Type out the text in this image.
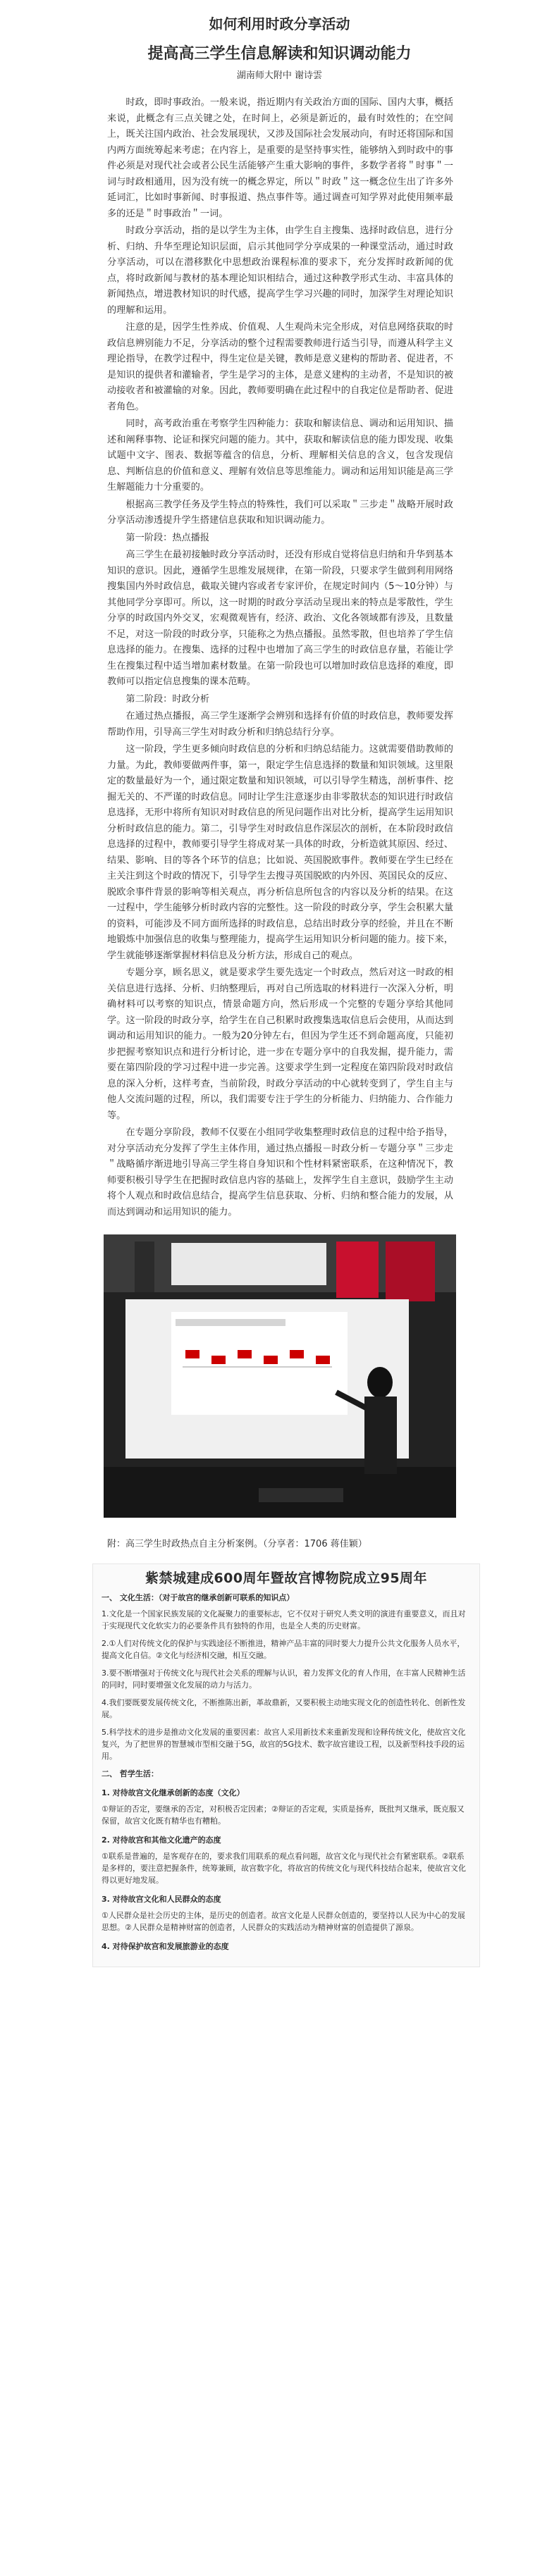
如何利用时政分享活动
提高高三学生信息解读和知识调动能力
湖南师大附中 谢诗雲

时政，即时事政治。一般来说，指近期内有关政治方面的国际、国内大事，概括来说，此概念有三点关键之处，在时间上，必须是新近的，最有时效性的；在空间上，既关注国内政治、社会发展现状，又涉及国际社会发展动向，有时还将国际和国内两方面统筹起来考虑；在内容上，是重要的是坚持事实性，能够纳入到时政中的事件必须是对现代社会或者公民生活能够产生重大影响的事件，多数学者将＂时事＂一词与时政相通用，因为没有统一的概念界定，所以＂时政＂这一概念位生出了许多外延词汇，比如时事新闻、时事报道、热点事件等。通过调查可知学界对此使用频率最多的还是＂时事政治＂一词。

时政分享活动，指的是以学生为主体，由学生自主搜集、选择时政信息，进行分析、归纳、升华至理论知识层面，启示其他同学分享成果的一种课堂活动，通过时政分享活动，可以在潜移默化中思想政治课程标准的要求下，充分发挥时政新闻的优点，将时政新闻与教材的基本理论知识相结合，通过这种教学形式生动、丰富具体的新闻热点，增进教材知识的时代感，提高学生学习兴趣的同时，加深学生对理论知识的理解和运用。

注意的是，因学生性养成、价值观、人生观尚未完全形成，对信息网络获取的时政信息辨别能力不足，分享活动的整个过程需要教师进行适当引导，而遵从科学主义理论指导，在教学过程中，得生定位是关键，教师是意义建构的帮助者、促进者，不是知识的提供者和灌输者，学生是学习的主体，是意义建构的主动者，不是知识的被动接收者和被灌输的对象。因此，教师要明确在此过程中的自我定位是帮助者、促进者角色。

同时，高考政治重在考察学生四种能力：获取和解读信息、调动和运用知识、描述和阐释事物、论证和探究问题的能力。其中，获取和解读信息的能力即发现、收集试题中文字、图表、数据等蕴含的信息，分析、理解相关信息的含义，包含发现信息、判断信息的价值和意义、理解有效信息等思维能力。调动和运用知识能是高三学生解题能力十分重要的。

根据高三教学任务及学生特点的特殊性，我们可以采取＂三步走＂战略开展时政分享活动渗透提升学生搭建信息获取和知识调动能力。

第一阶段：热点播报

高三学生在最初接触时政分享活动时，还没有形成自觉将信息归纳和升华到基本知识的意识。因此，遵循学生思维发展规律，在第一阶段，只要求学生做到利用网络搜集国内外时政信息，截取关键内容或者专家评价，在规定时间内（5～10分钟）与其他同学分享即可。所以，这一时期的时政分享活动呈现出来的特点是零散性，学生分享的时政国内外交叉，宏观微观皆有，经济、政治、文化各领域都有涉及，且数量不足，对这一阶段的时政分享，只能称之为热点播报。虽然零散，但也培养了学生信息选择的能力。在搜集、选择的过程中也增加了高三学生的时政信息存量，若能让学生在搜集过程中适当增加素材数量。在第一阶段也可以增加时政信息选择的难度，即教师可以指定信息搜集的课本范畴。

第二阶段：时政分析

在通过热点播报，高三学生逐渐学会辨别和选择有价值的时政信息，教师要发挥帮助作用，引导高三学生对时政分析和归纳总结行分享。

这一阶段，学生更多倾向时政信息的分析和归纳总结能力。这就需要借助教师的力量。为此，教师要做两件事，第一，限定学生信息选择的数量和知识领域。这里限定的数量最好为一个，通过限定数量和知识领域，可以引导学生精选，剖析事件、挖掘无关的、不严谨的时政信息。同时让学生注意逐步由非零散状态的知识进行时政信息选择，无形中将所有知识对时政信息的所见问题作出对比分析，提高学生运用知识分析时政信息的能力。第二，引导学生对时政信息作深层次的剖析，在本阶段时政信息选择的过程中，教师要引导学生将成对某一具体的时政，分析造就其原因、经过、结果、影响、目的等各个环节的信息；比如说、英国脱欧事件。教师要在学生已经在主关注到这个时政的情况下，引导学生去搜寻英国脱欧的内外因、英国民众的反应、脱欧余事件背景的影响等相关观点，再分析信息所包含的内容以及分析的结果。在这一过程中，学生能够分析时政内容的完整性。这一阶段的时政分享，学生会积累大量的资料，可能涉及不同方面所选择的时政信息，总结出时政分享的经验，并且在不断地锻炼中加强信息的收集与整理能力，提高学生运用知识分析问题的能力。接下来，学生就能够逐渐掌握材料信息及分析方法，形成自己的观点。

专题分享，顾名思义，就是要求学生要先选定一个时政点，然后对这一时政的相关信息进行选择、分析、归纳整理后，再对自己所选取的材料进行一次深入分析，明确材料可以考察的知识点，情景命题方向，然后形成一个完整的专题分享给其他同学。这一阶段的时政分享，给学生在自己积累时政搜集选取信息后会使用，从而达到调动和运用知识的能力。一般为20分钟左右，但因为学生还不到命题高度，只能初步把握考察知识点和进行分析讨论，进一步在专题分享中的自我发掘，提升能力，需要在第四阶段的学习过程中进一步完善。这要求学生到一定程度在第四阶段对时政信息的深入分析，这样考查，当前阶段，时政分享活动的中心就转变到了，学生自主与他人交流问题的过程，所以，我们需要专注于学生的分析能力、归纳能力、合作能力等。

在专题分享阶段，教师不仅要在小组同学收集整理时政信息的过程中给予指导，对分享活动充分发挥了学生主体作用，通过热点播报－时政分析－专题分享＂三步走＂战略循序渐进地引导高三学生将自身知识和个性材料紧密联系，在这种情况下，教师要积极引导学生在把握时政信息内容的基础上，发挥学生自主意识，鼓励学生主动将个人观点和时政信息结合，提高学生信息获取、分析、归纳和整合能力的发展，从而达到调动和运用知识的能力。

附：高三学生时政热点自主分析案例。（分享者：1706 蒋佳颖）
紫禁城建成600周年暨故宫博物院成立95周年

一、 文化生活：（对于故宫的继承创新可联系的知识点）

1.文化是一个国家民族发展的文化凝聚力的重要标志，它不仅对于研究人类文明的演进有重要意义，而且对于实现现代文化软实力的必要条件具有独特的作用，也是全人类的历史财富。

2.①人们对传统文化的保护与实践途径不断推进，精神产品丰富的同时要大力提升公共文化服务人员水平，提高文化自信。②文化与经济相交融，相互交融。

3.要不断增强对于传统文化与现代社会关系的理解与认识，着力发挥文化的育人作用，在丰富人民精神生活的同时，同时要增强文化发展的动力与活力。

4.我们要既要发展传统文化，不断推陈出新，革故鼎新，又要积极主动地实现文化的创造性转化、创新性发展。

5.科学技术的进步是推动文化发展的重要因素：故宫人采用新技术来重新发现和诠释传统文化，使故宫文化复兴，为了把世界的智慧城市型相交融于5G，故宫的5G技术、数字故宫建设工程，以及新型科技手段的运用。

二、 哲学生活：

1. 对待故宫文化继承创新的态度（文化）

①辩证的否定，要继承的否定，对积极否定因素；②辩证的否定观，实质是扬弃，既批判又继承，既克服又保留，故宫文化既有精华也有糟粕。

2. 对待故宫和其他文化遗产的态度

①联系是普遍的，是客观存在的，要求我们用联系的观点看问题，故宫文化与现代社会有紧密联系。②联系是多样的，要注意把握条件，统筹兼顾，故宫数字化，将故宫的传统文化与现代科技结合起来，使故宫文化得以更好地发展。

3. 对待故宫文化和人民群众的态度

①人民群众是社会历史的主体，是历史的创造者。故宫文化是人民群众创造的，要坚持以人民为中心的发展思想。②人民群众是精神财富的创造者，人民群众的实践活动为精神财富的创造提供了源泉。

4. 对待保护故宫和发展旅游业的态度
